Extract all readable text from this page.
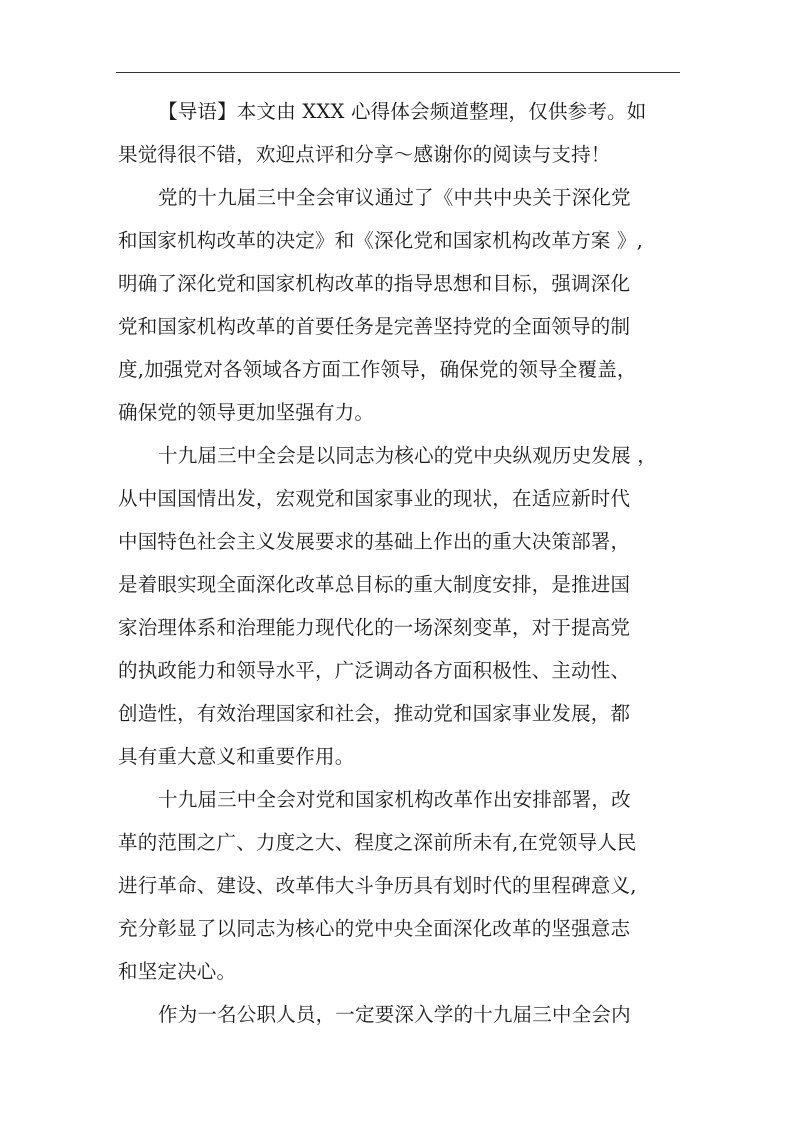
【导语】本文由 XXX 心得体会频道整理，仅供参考。如
果觉得很不错，欢迎点评和分享～感谢你的阅读与支持！
党的十九届三中全会审议通过了《中共中央关于深化党
和国家机构改革的决定》和《深化党和国家机构改革方案 》,
明确了深化党和国家机构改革的指导思想和目标，强调深化
党和国家机构改革的首要任务是完善坚持党的全面领导的制
度,加强党对各领域各方面工作领导，确保党的领导全覆盖，
确保党的领导更加坚强有力。
十九届三中全会是以同志为核心的党中央纵观历史发展 ，
从中国国情出发，宏观党和国家事业的现状，在适应新时代
中国特色社会主义发展要求的基础上作出的重大决策部署，
是着眼实现全面深化改革总目标的重大制度安排，是推进国
家治理体系和治理能力现代化的一场深刻变革，对于提高党
的执政能力和领导水平，广泛调动各方面积极性、主动性、
创造性，有效治理国家和社会，推动党和国家事业发展，都
具有重大意义和重要作用。
十九届三中全会对党和国家机构改革作出安排部署，改
革的范围之广、力度之大、程度之深前所未有,在党领导人民
进行革命、建设、改革伟大斗争历具有划时代的里程碑意义,
充分彰显了以同志为核心的党中央全面深化改革的坚强意志
和坚定决心。
作为一名公职人员，一定要深入学的十九届三中全会内
